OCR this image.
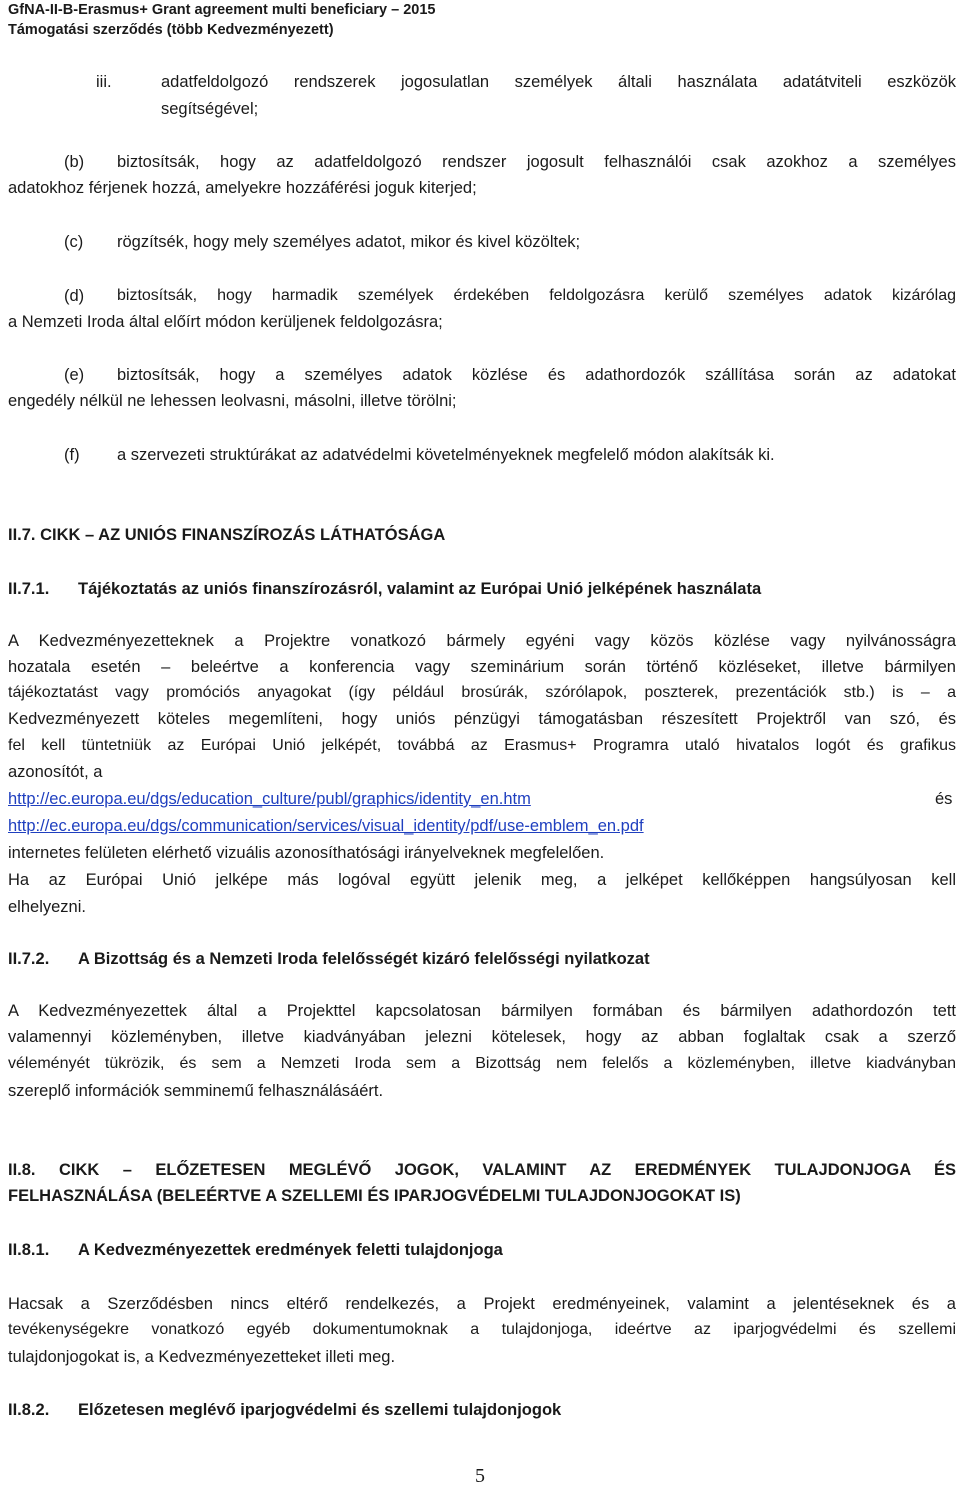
GfNA-II-B-Erasmus+ Grant agreement multi beneficiary – 2015
Támogatási szerződés (több Kedvezményezett)
iii.	adatfeldolgozó rendszerek jogosulatlan személyek általi használata adatátviteli eszközök
segítségével;
(b) biztosítsák, hogy az adatfeldolgozó rendszer jogosult felhasználói csak azokhoz a személyes
adatokhoz férjenek hozzá, amelyekre hozzáférési joguk kiterjed;
(c) rögzítsék, hogy mely személyes adatot, mikor és kivel közöltek;
(d) biztosítsák, hogy harmadik személyek érdekében feldolgozásra kerülő személyes adatok kizárólag
a Nemzeti Iroda által előírt módon kerüljenek feldolgozásra;
(e) biztosítsák, hogy a személyes adatok közlése és adathordozók szállítása során az adatokat
engedély nélkül ne lehessen leolvasni, másolni, illetve törölni;
(f) a szervezeti struktúrákat az adatvédelmi követelményeknek megfelelő módon alakítsák ki.
II.7. CIKK – AZ UNIÓS FINANSZÍROZÁS LÁTHATÓSÁGA
II.7.1. Tájékoztatás az uniós finanszírozásról, valamint az Európai Unió jelképének használata
A Kedvezményezetteknek a Projektre vonatkozó bármely egyéni vagy közös közlése vagy nyilvánosságra
hozatala esetén – beleértve a konferencia vagy szeminárium során történő közléseket, illetve bármilyen
tájékoztatást vagy promóciós anyagokat (így például brosúrák, szórólapok, poszterek, prezentációk stb.) is – a
Kedvezményezett köteles megemlíteni, hogy uniós pénzügyi támogatásban részesített Projektről van szó, és
fel kell tüntetniük az Európai Unió jelképét, továbbá az Erasmus+ Programra utaló hivatalos logót és grafikus
azonosítót, a
http://ec.europa.eu/dgs/education_culture/publ/graphics/identity_en.htm	és
http://ec.europa.eu/dgs/communication/services/visual_identity/pdf/use-emblem_en.pdf
internetes felületen elérhető vizuális azonosíthatósági irányelveknek megfelelően.
Ha az Európai Unió jelképe más logóval együtt jelenik meg, a jelképet kellőképpen hangsúlyosan kell
elhelyezni.
II.7.2. A Bizottság és a Nemzeti Iroda felelősségét kizáró felelősségi nyilatkozat
A Kedvezményezettek által a Projekttel kapcsolatosan bármilyen formában és bármilyen adathordozón tett
valamennyi közleményben, illetve kiadványában jelezni kötelesek, hogy az abban foglaltak csak a szerző
véleményét tükrözik, és sem a Nemzeti Iroda sem a Bizottság nem felelős a közleményben, illetve kiadványban
szereplő információk semminemű felhasználásáért.
II.8. CIKK – ELŐZETESEN MEGLÉVŐ JOGOK, VALAMINT AZ EREDMÉNYEK TULAJDONJOGA ÉS
FELHASZNÁLÁSA (BELEÉRTVE A SZELLEMI ÉS IPARJOGVÉDELMI TULAJDONJOGOKAT IS)
II.8.1. A Kedvezményezettek eredmények feletti tulajdonjoga
Hacsak a Szerződésben nincs eltérő rendelkezés, a Projekt eredményeinek, valamint a jelentéseknek és a
tevékenységekre vonatkozó egyéb dokumentumoknak a tulajdonjoga, ideértve az iparjogvédelmi és szellemi
tulajdonjogokat is, a Kedvezményezetteket illeti meg.
II.8.2. Előzetesen meglévő iparjogvédelmi és szellemi tulajdonjogok
5
